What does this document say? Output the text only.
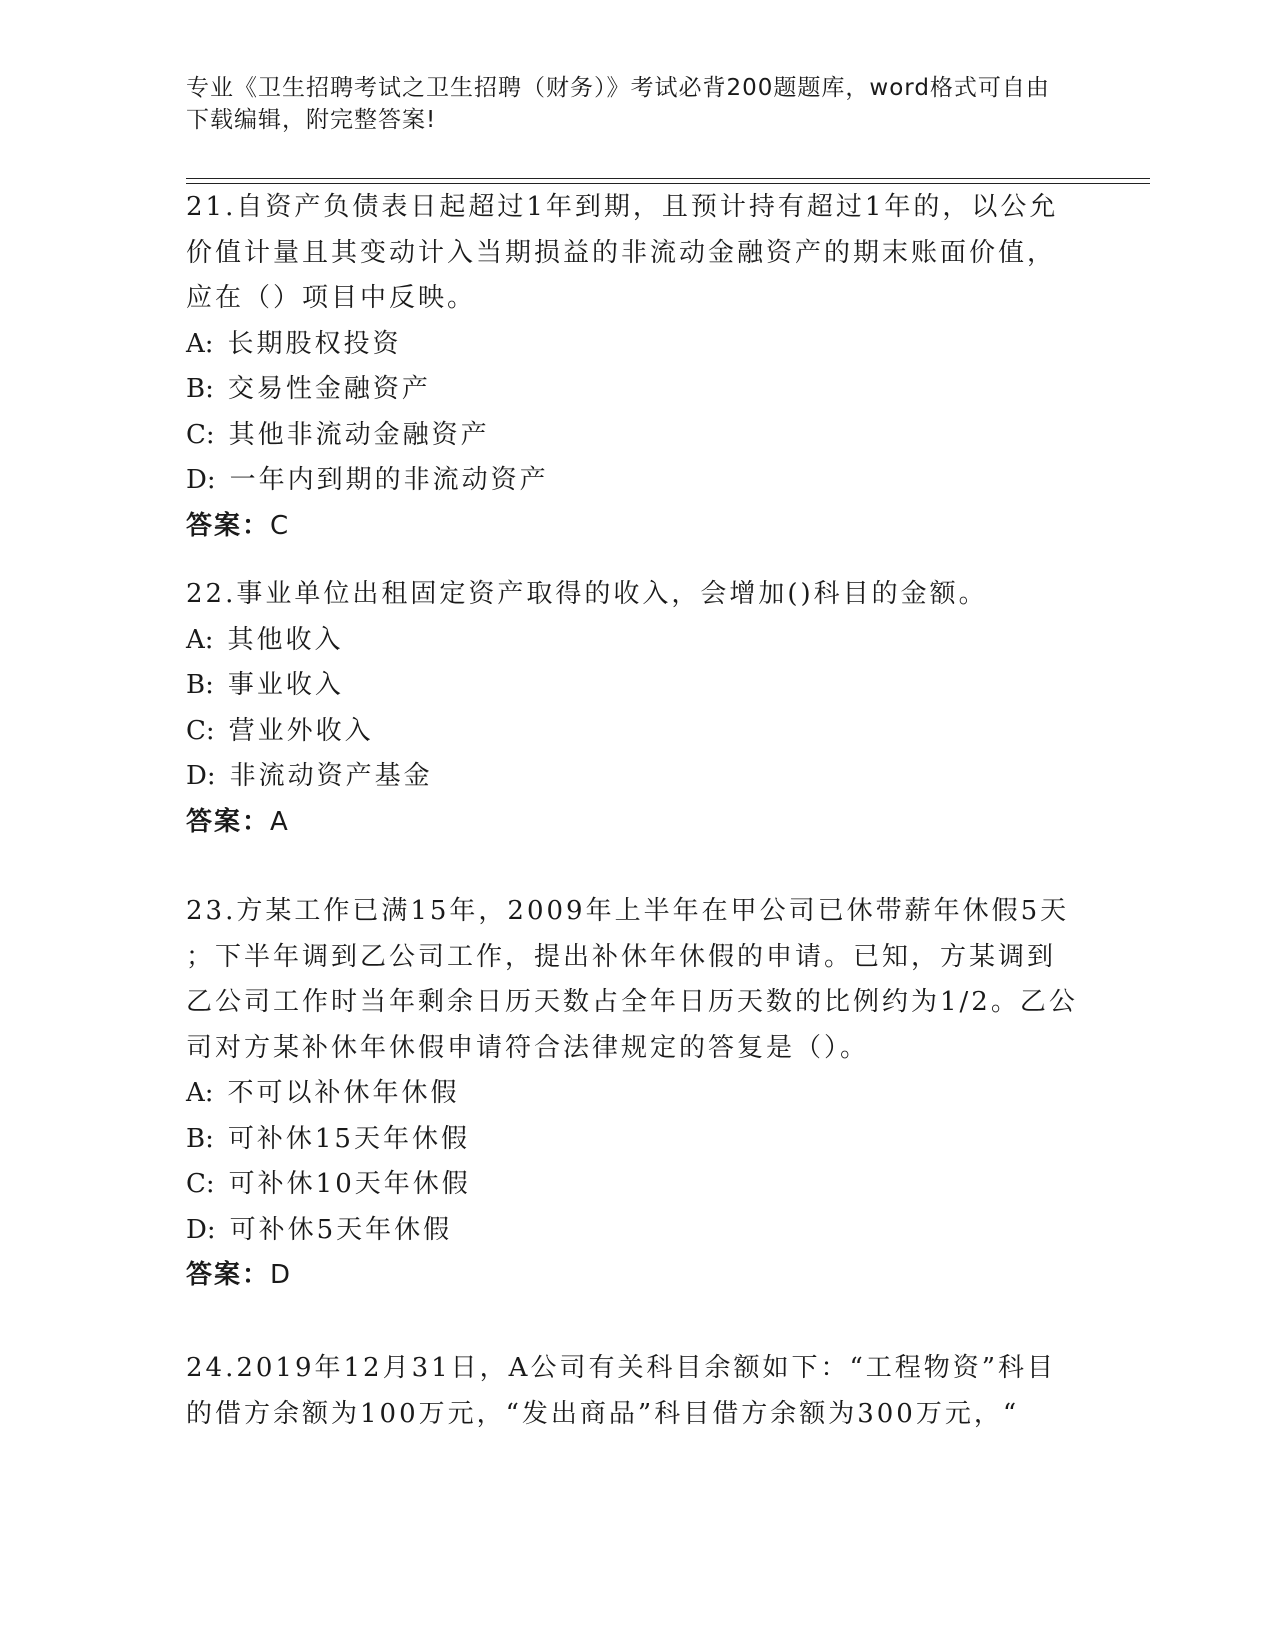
专业《卫生招聘考试之卫生招聘（财务）》考试必背200题题库，word格式可自由下载编辑，附完整答案!
21.自资产负债表日起超过1年到期，且预计持有超过1年的，以公允
价值计量且其变动计入当期损益的非流动金融资产的期末账面价值，
应在（）项目中反映。
A: 长期股权投资
B: 交易性金融资产
C: 其他非流动金融资产
D: 一年内到期的非流动资产
答案：C
22.事业单位出租固定资产取得的收入，会增加()科目的金额。
A: 其他收入
B: 事业收入
C: 营业外收入
D: 非流动资产基金
答案：A
23.方某工作已满15年，2009年上半年在甲公司已休带薪年休假5天
；下半年调到乙公司工作，提出补休年休假的申请。已知，方某调到
乙公司工作时当年剩余日历天数占全年日历天数的比例约为1/2。乙公
司对方某补休年休假申请符合法律规定的答复是（）。
A: 不可以补休年休假
B: 可补休15天年休假
C: 可补休10天年休假
D: 可补休5天年休假
答案：D
24.2019年12月31日，A公司有关科目余额如下：“工程物资”科目
的借方余额为100万元，“发出商品”科目借方余额为300万元，“
